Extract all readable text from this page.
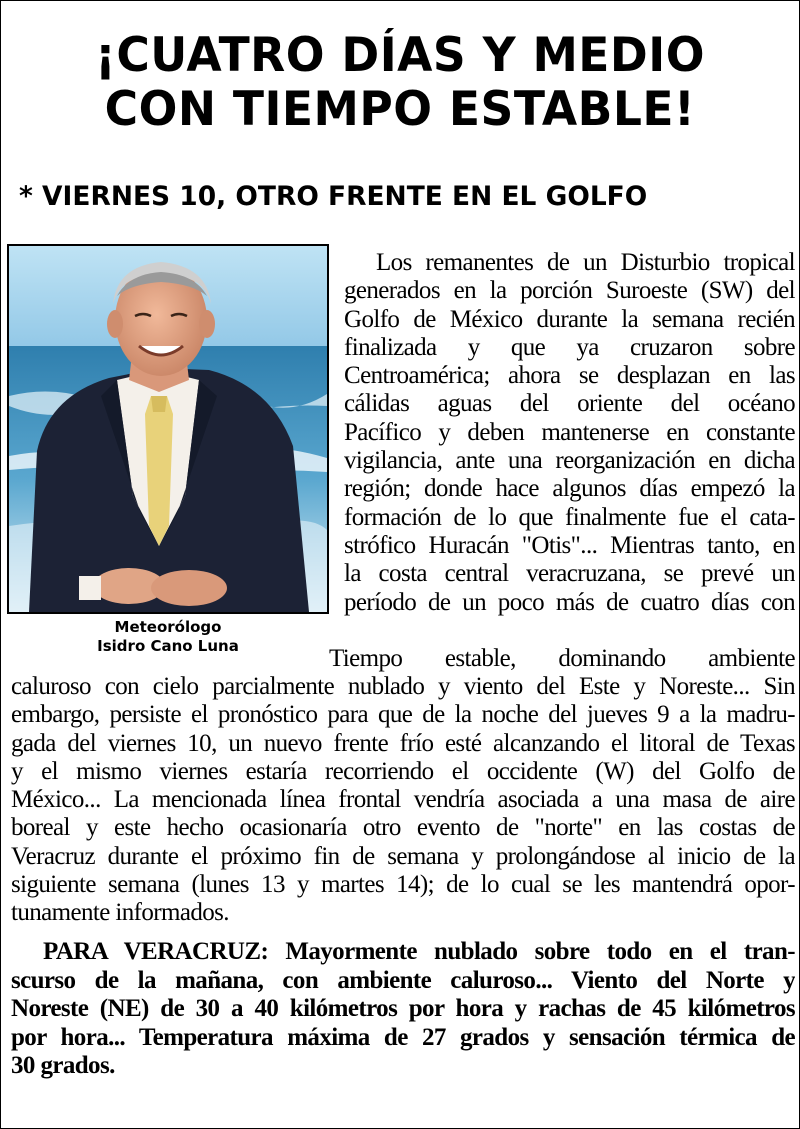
¡CUATRO DÍAS Y MEDIO
CON TIEMPO ESTABLE!
* VIERNES 10, OTRO FRENTE EN EL GOLFO
Meteorólogo
Isidro Cano Luna
Los remanentes de un Disturbio tropical
generados en la porción Suroeste (SW) del
Golfo de México durante la semana recién
finalizada y que ya cruzaron sobre
Centroamérica; ahora se desplazan en las
cálidas aguas del oriente del océano
Pacífico y deben mantenerse en constante
vigilancia, ante una reorganización en dicha
región; donde hace algunos días empezó la
formación de lo que finalmente fue el cata-
strófico Huracán "Otis"... Mientras tanto, en
la costa central veracruzana, se prevé un
período de un poco más de cuatro días con
Tiempo estable, dominando ambiente
caluroso con cielo parcialmente nublado y viento del Este y Noreste... Sin
embargo, persiste el pronóstico para que de la noche del jueves 9 a la madru-
gada del viernes 10, un nuevo frente frío esté alcanzando el litoral de Texas
y el mismo viernes estaría recorriendo el occidente (W) del Golfo de
México... La mencionada línea frontal vendría asociada a una masa de aire
boreal y este hecho ocasionaría otro evento de "norte" en las costas de
Veracruz durante el próximo fin de semana y prolongándose al inicio de la
siguiente semana (lunes 13 y martes 14); de lo cual se les mantendrá opor-
tunamente informados.
PARA VERACRUZ: Mayormente nublado sobre todo en el tran-
scurso de la mañana, con ambiente caluroso... Viento del Norte y
Noreste (NE) de 30 a 40 kilómetros por hora y rachas de 45 kilómetros
por hora... Temperatura máxima de 27 grados y sensación térmica de
30 grados.
